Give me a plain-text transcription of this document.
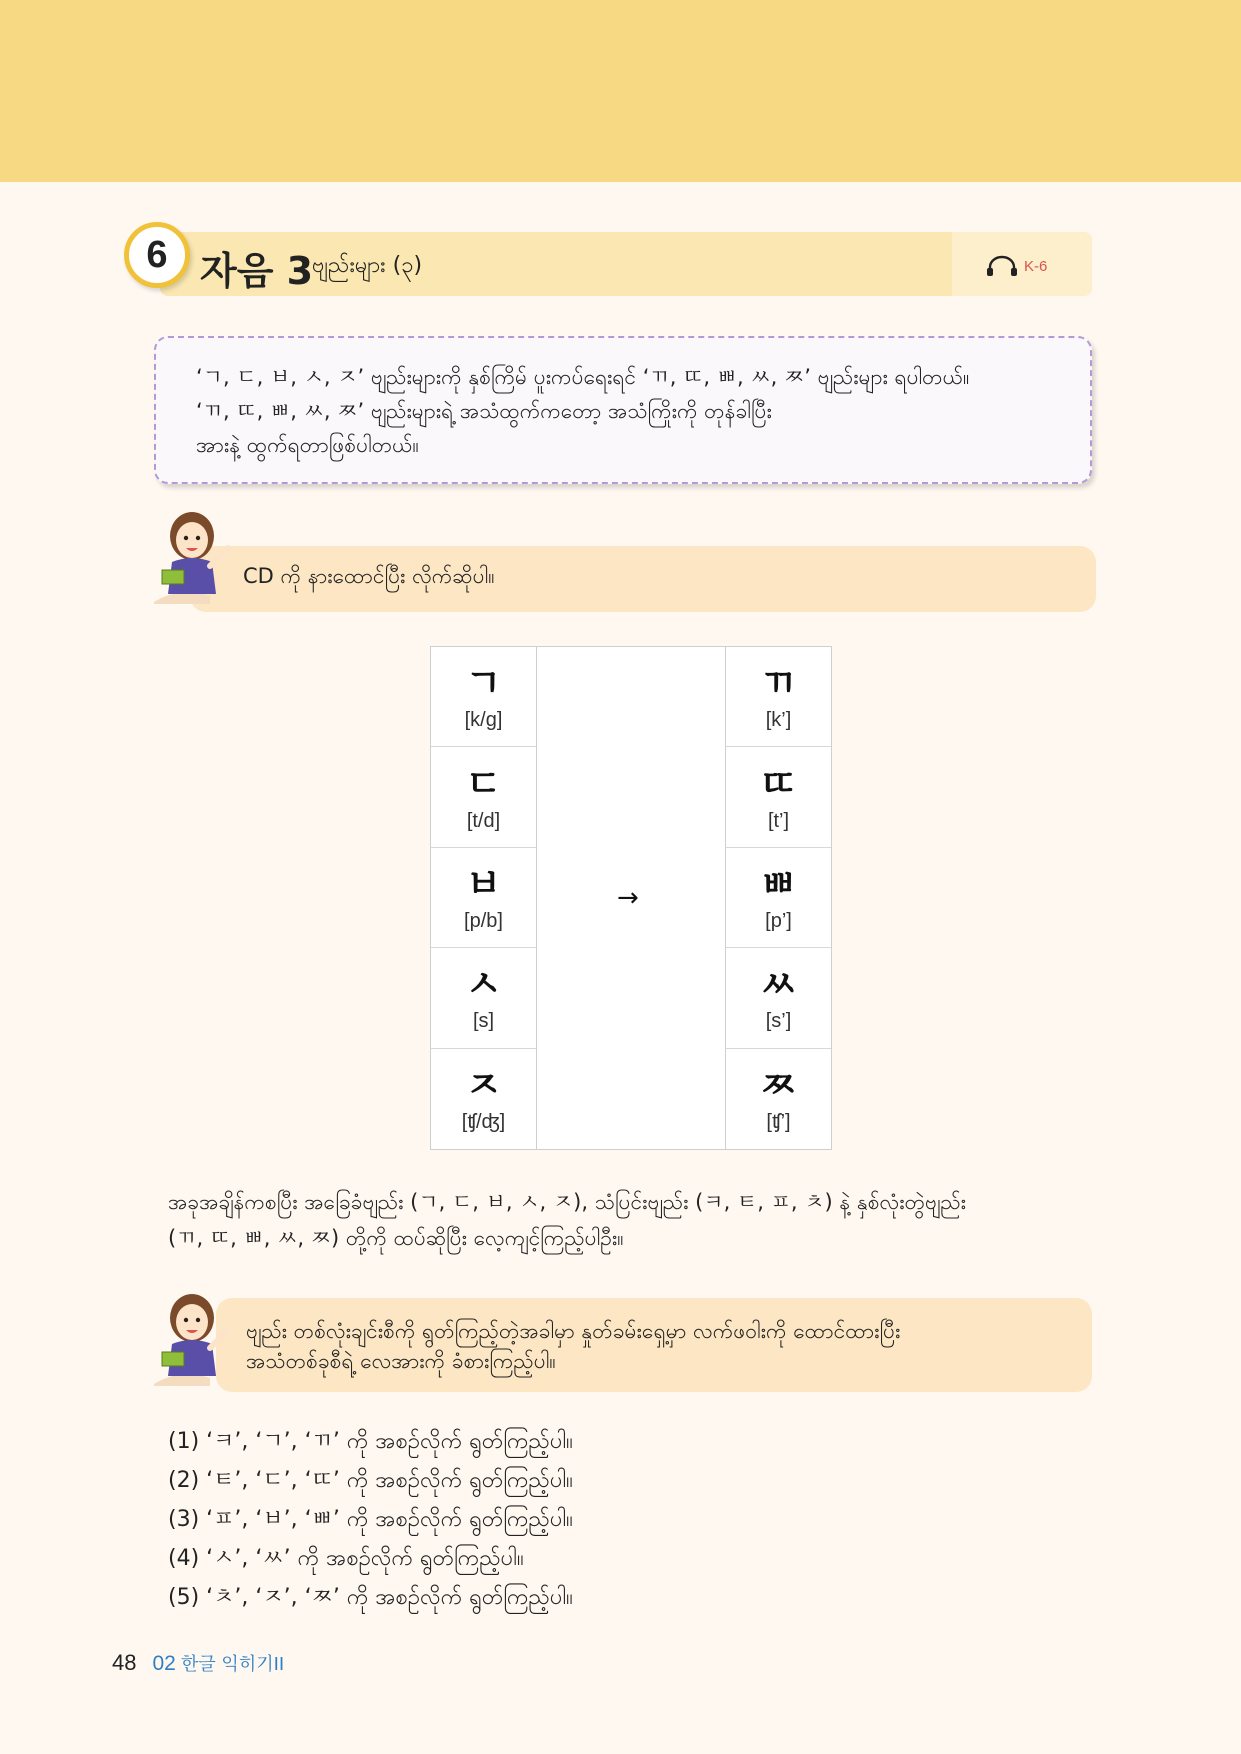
6 자음 3
ဗျည်းများ (၃)	K-6
‘ㄱ, ㄷ, ㅂ, ㅅ, ㅈ’ ဗျည်းများကို နှစ်ကြိမ် ပူးကပ်ရေးရင် ‘ㄲ, ㄸ, ㅃ, ㅆ, ㅉ’ ဗျည်းများ ရပါတယ်။
‘ㄲ, ㄸ, ㅃ, ㅆ, ㅉ’ ဗျည်းများရဲ့ အသံထွက်ကတော့ အသံကြိုးကို တုန်ခါပြီး
အားနဲ့ ထွက်ရတာဖြစ်ပါတယ်။
CD ကို နားထောင်ပြီး လိုက်ဆိုပါ။
ㄱ
[k/g]
ㄷ
[t/d]
ㅂ
[p/b]
ㅅ
[s]
ㅈ
[ʧ/ʤ]
→
ㄲ
[k’]
ㄸ
[t’]
ㅃ
[p’]
ㅆ
[s’]
ㅉ
[ʧ’]
အခုအချိန်ကစပြီး အခြေခံဗျည်း (ㄱ, ㄷ, ㅂ, ㅅ, ㅈ), သံပြင်းဗျည်း (ㅋ, ㅌ, ㅍ, ㅊ) နဲ့ နှစ်လုံးတွဲဗျည်း
(ㄲ, ㄸ, ㅃ, ㅆ, ㅉ) တို့ကို ထပ်ဆိုပြီး လေ့ကျင့်ကြည့်ပါဦး။
ဗျည်း တစ်လုံးချင်းစီကို ရွတ်ကြည့်တဲ့အခါမှာ နှုတ်ခမ်းရှေ့မှာ လက်ဖဝါးကို ထောင်ထားပြီး
အသံတစ်ခုစီရဲ့ လေအားကို ခံစားကြည့်ပါ။
(1) ‘ㅋ’, ‘ㄱ’, ‘ㄲ’ ကို အစဉ်လိုက် ရွတ်ကြည့်ပါ။
(2) ‘ㅌ’, ‘ㄷ’, ‘ㄸ’ ကို အစဉ်လိုက် ရွတ်ကြည့်ပါ။
(3) ‘ㅍ’, ‘ㅂ’, ‘ㅃ’ ကို အစဉ်လိုက် ရွတ်ကြည့်ပါ။
(4) ‘ㅅ’, ‘ㅆ’ ကို အစဉ်လိုက် ရွတ်ကြည့်ပါ။
(5) ‘ㅊ’, ‘ㅈ’, ‘ㅉ’ ကို အစဉ်လိုက် ရွတ်ကြည့်ပါ။
48 02 한글 익히기II
